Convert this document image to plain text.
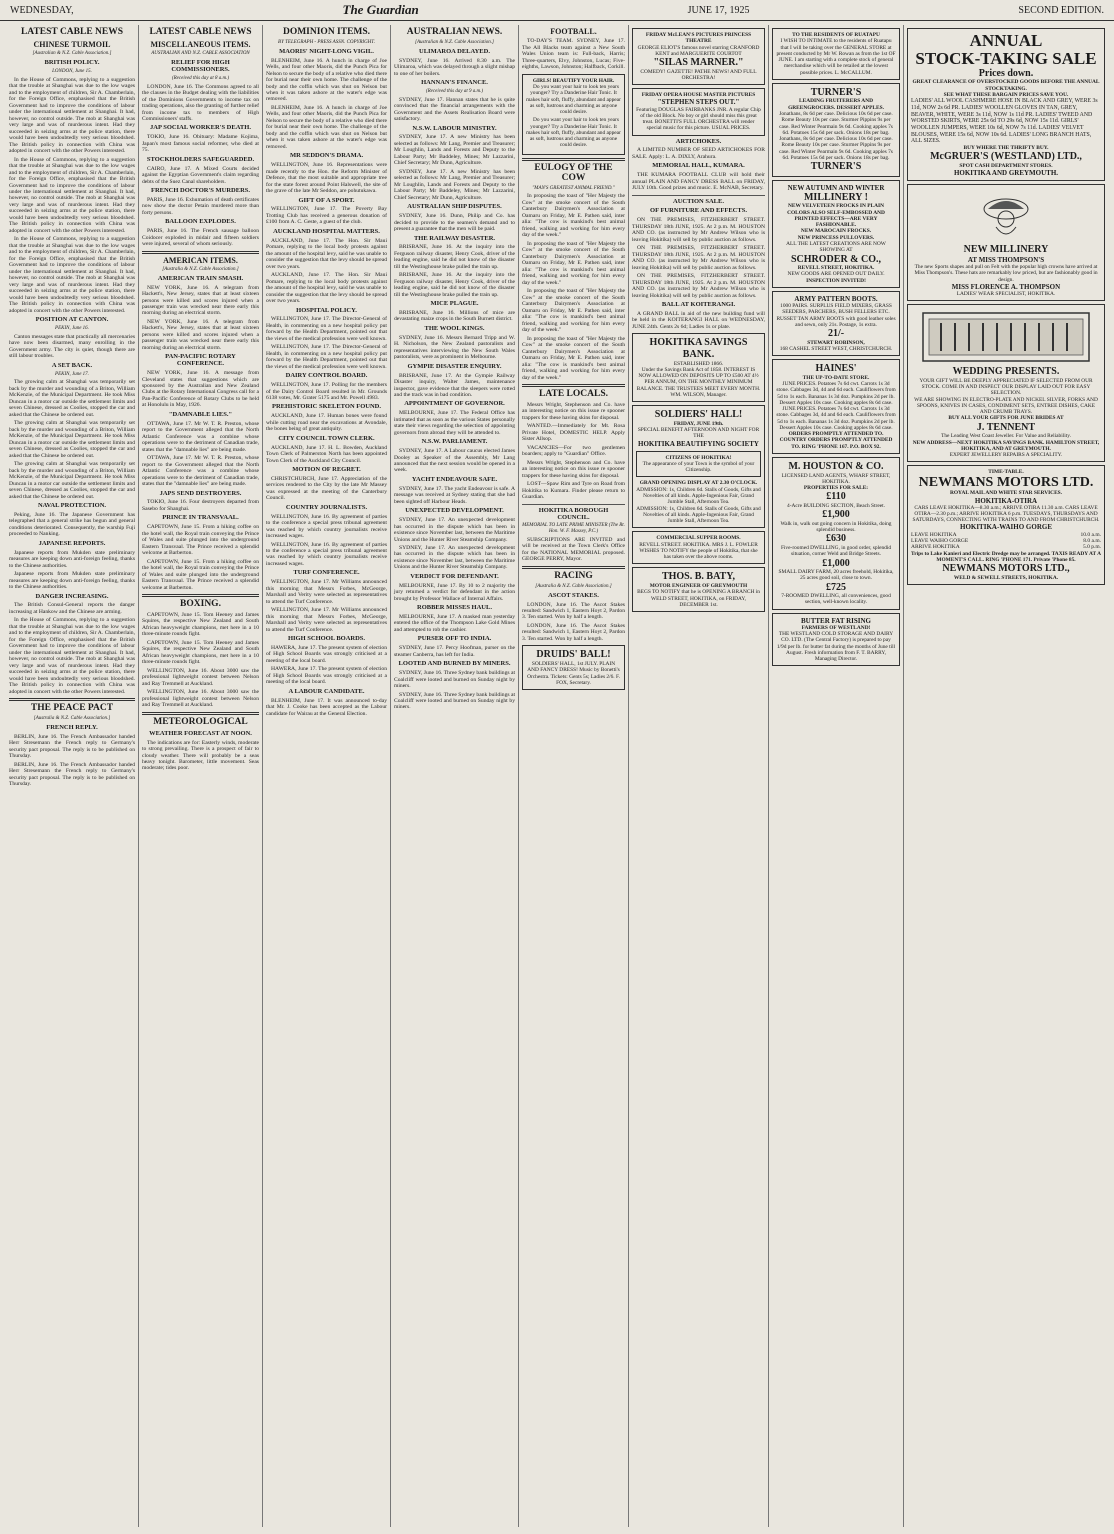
WEDNESDAY,	The Guardian	JUNE 17, 1925	SECOND EDITION.
LATEST CABLE NEWS
CHINESE TURMOIL
[Australian & N.Z. Cable Association.]
BRITISH POLICY.
LONDON, June 15.

In the House of Commons, replying to a suggestion that the trouble at Shanghai was due to the low wages and to the employment of children, Sir A. Chamberlain, for the Foreign Office, emphasised that the British Government had to improve the conditions of labour under the international settlement at Shanghai. It had, however, no control outside. The mob at Shanghai was very large and was of murderous intent. Had they succeeded in seizing arms at the police station, there would have been undoubtedly very serious bloodshed. The British policy in connection with China was adopted in concert with the other Powers interested.

In the House of Commons, replying to a suggestion that the trouble at Shanghai was due to the low wages and to the employment of children, Sir A. Chamberlain, for the Foreign Office, emphasised that the British Government had to improve the conditions of labour under the international settlement at Shanghai. It had, however, no control outside. The mob at Shanghai was very large and was of murderous intent. Had they succeeded in seizing arms at the police station, there would have been undoubtedly very serious bloodshed. The British policy in connection with China was adopted in concert with the other Powers interested.

In the House of Commons, replying to a suggestion that the trouble at Shanghai was due to the low wages and to the employment of children, Sir A. Chamberlain, for the Foreign Office, emphasised that the British Government had to improve the conditions of labour under the international settlement at Shanghai. It had, however, no control outside. The mob at Shanghai was very large and was of murderous intent. Had they succeeded in seizing arms at the police station, there would have been undoubtedly very serious bloodshed. The British policy in connection with China was adopted in concert with the other Powers interested.

POSITION AT CANTON.
PEKIN, June 16.

Canton messages state that practically all mercenaries have now been disarmed, many enrolling in the Government army. The city is quiet, though there are still labour troubles.

A SET BACK.
PEKIN, June 17.

The growing calm at Shanghai was temporarily set back by the murder and wounding of a Briton, William McKenzie, of the Municipal Department. He took Miss Duncan in a motor car outside the settlement limits and seven Chinese, dressed as Coolies, stopped the car and asked that the Chinese be ordered out.

The growing calm at Shanghai was temporarily set back by the murder and wounding of a Briton, William McKenzie, of the Municipal Department. He took Miss Duncan in a motor car outside the settlement limits and seven Chinese, dressed as Coolies, stopped the car and asked that the Chinese be ordered out.

The growing calm at Shanghai was temporarily set back by the murder and wounding of a Briton, William McKenzie, of the Municipal Department. He took Miss Duncan in a motor car outside the settlement limits and seven Chinese, dressed as Coolies, stopped the car and asked that the Chinese be ordered out.

NAVAL PROTECTION.

Peking, June 16. The Japanese Government has telegraphed that a general strike has begun and general conditions deteriorated. Consequently, the warship Fuji proceeded to Nanking.

JAPANESE REPORTS.

Japanese reports from Mukden state preliminary measures are keeping down anti-foreign feeling, thanks to the Chinese authorities.

Japanese reports from Mukden state preliminary measures are keeping down anti-foreign feeling, thanks to the Chinese authorities.

DANGER INCREASING.

The British Consul-General reports the danger increasing at Hankow and the Chinese are arming.

In the House of Commons, replying to a suggestion that the trouble at Shanghai was due to the low wages and to the employment of children, Sir A. Chamberlain, for the Foreign Office, emphasised that the British Government had to improve the conditions of labour under the international settlement at Shanghai. It had, however, no control outside. The mob at Shanghai was very large and was of murderous intent. Had they succeeded in seizing arms at the police station, there would have been undoubtedly very serious bloodshed. The British policy in connection with China was adopted in concert with the other Powers interested.

THE PEACE PACT
[Australia & N.Z. Cable Association.]
FRENCH REPLY.

BERLIN, June 16. The French Ambassador handed Herr Stresemann the French reply to Germany's security pact proposal. The reply is to be published on Thursday.

BERLIN, June 16. The French Ambassador handed Herr Stresemann the French reply to Germany's security pact proposal. The reply is to be published on Thursday.

LATEST CABLE NEWS
MISCELLANEOUS ITEMS.
AUSTRALIAN AND N.Z. CABLE ASSOCIATION
RELIEF FOR HIGH COMMISSIONERS.
(Received this day at 8 a.m.)

LONDON, June 16. The Commons agreed to all the clauses in the Budget dealing with the liabilities of the Dominions Governments to income tax on trading operations, also the granting of further relief from income tax to members of High Commissioners' staffs.

JAP SOCIAL WORKER'S DEATH.

TOKIO, June 16. Obituary: Madame Kojima, Japan's most famous social reformer, who died at 75.

STOCKHOLDERS SAFEGUARDED.

CAIRO, June 17. A Mixed Courts decided against the Egyptian Government's claim regarding debts of the Suez Canal shareholders.

FRENCH DOCTOR'S MURDERS.

PARIS, June 16. Exhumation of death certificates now show the doctor Petain murdered more than forty persons.

BALLOON EXPLODES.

PARIS, June 16. The French sausage balloon Coidocer exploded in midair and fifteen soldiers were injured, several of whom seriously.

AMERICAN ITEMS.
[Australia & N.Z. Cable Association.]
AMERICAN TRAIN SMASH.

NEW YORK, June 16. A telegram from Hackett's, New Jersey, states that at least sixteen persons were killed and scores injured when a passenger train was wrecked near there early this morning during an electrical storm.

NEW YORK, June 16. A telegram from Hackett's, New Jersey, states that at least sixteen persons were killed and scores injured when a passenger train was wrecked near there early this morning during an electrical storm.

PAN-PACIFIC ROTARY CONFERENCE.

NEW YORK, June 16. A message from Cleveland states that suggestions which are sponsored by the Australian and New Zealand Clubs at the Rotary International Congress call for a Pan-Pacific Conference of Rotary Clubs to be held at Honolulu in May, 1926.

"DAMNABLE LIES."

OTTAWA, June 17. Mr W. T. R. Preston, whose report to the Government alleged that the North Atlantic Conference was a combine whose operations were to the detriment of Canadian trade, states that the "damnable lies" are being made.

OTTAWA, June 17. Mr W. T. R. Preston, whose report to the Government alleged that the North Atlantic Conference was a combine whose operations were to the detriment of Canadian trade, states that the "damnable lies" are being made.

JAPS SEND DESTROYERS.

TOKIO, June 16. Four destroyers departed from Sasebo for Shanghai.

PRINCE IN TRANSVAAL.

CAPETOWN, June 15. From a hiking coffee on the hotel wall, the Royal train conveying the Prince of Wales and suite plunged into the underground Eastern Transvaal. The Prince received a splendid welcome at Barberton.

CAPETOWN, June 15. From a hiking coffee on the hotel wall, the Royal train conveying the Prince of Wales and suite plunged into the underground Eastern Transvaal. The Prince received a splendid welcome at Barberton.

BOXING.

CAPETOWN, June 15. Tom Heeney and James Squires, the respective New Zealand and South African heavyweight champions, met here in a 10 three-minute rounds fight.

CAPETOWN, June 15. Tom Heeney and James Squires, the respective New Zealand and South African heavyweight champions, met here in a 10 three-minute rounds fight.

WELLINGTON, June 16. About 3000 saw the professional lightweight contest between Nelson and Ray Tremmell at Auckland.

WELLINGTON, June 16. About 3000 saw the professional lightweight contest between Nelson and Ray Tremmell at Auckland.

METEOROLOGICAL
WEATHER FORECAST AT NOON.

The indications are for: Easterly winds, moderate to strong prevailing. There is a prospect of fair to cloudy weather. There will probably be a seas heavy tonight. Barometer, little movement. Seas moderate; tides poor.

DOMINION ITEMS.
BY TELEGRAPH - PRESS ASSN. COPYRIGHT.
MAORIS' NIGHT-LONG VIGIL.

BLENHEIM, June 16. A hunch in charge of Joe Wells, and four other Maoris, did the Punch Pica for Nelson to secure the body of a relative who died there for burial near their own home. The challenge of the body and the coffin which was shut on Nelson but when it was taken ashore at the water's edge was removed.

BLENHEIM, June 16. A hunch in charge of Joe Wells, and four other Maoris, did the Punch Pica for Nelson to secure the body of a relative who died there for burial near their own home. The challenge of the body and the coffin which was shut on Nelson but when it was taken ashore at the water's edge was removed.

MR SEDDON'S DRAMA.

WELLINGTON, June 16. Representations were made recently to the Hon. the Reform Minister of Defence, that the most suitable and appropriate tree for the state forest around Point Halswell, the site of the grave of the late Mr Seddon, are pohutukawa.

GIFT OF A SPORT.

WELLINGTON, June 17. The Poverty Bay Trotting Club has received a generous donation of £100 from A. C. Geste, a guest of the club.

AUCKLAND HOSPITAL MATTERS.

AUCKLAND, June 17. The Hon. Sir Maui Pomare, replying to the local body protests against the amount of the hospital levy, said he was unable to consider the suggestion that the levy should be spread over two years.

AUCKLAND, June 17. The Hon. Sir Maui Pomare, replying to the local body protests against the amount of the hospital levy, said he was unable to consider the suggestion that the levy should be spread over two years.

HOSPITAL POLICY.

WELLINGTON, June 17. The Director-General of Health, in commenting on a new hospital policy put forward by the Health Department, pointed out that the views of the medical profession were well known.

WELLINGTON, June 17. The Director-General of Health, in commenting on a new hospital policy put forward by the Health Department, pointed out that the views of the medical profession were well known.

DAIRY CONTROL BOARD.

WELLINGTON, June 17. Polling for the members of the Dairy Control Board resulted in Mr. Grounds 6138 votes, Mr. Grater 5175 and Mr. Powell 4983.

PREHISTORIC SKELETON FOUND.

AUCKLAND, June 17. Human bones were found while cutting road near the excavations at Avondale, the bones being of great antiquity.

CITY COUNCIL TOWN CLERK.

AUCKLAND, June 17. H. L. Bowden, Auckland Town Clerk of Palmerston North has been appointed Town Clerk of the Auckland City Council.

MOTION OF REGRET.

CHRISTCHURCH, June 17. Appreciation of the services rendered to the City by the late Mr Massey was expressed at the meeting of the Canterbury Council.

COUNTRY JOURNALISTS.

WELLINGTON, June 16. By agreement of parties to the conference a special press tribunal agreement was reached by which country journalists receive increased wages.

WELLINGTON, June 16. By agreement of parties to the conference a special press tribunal agreement was reached by which country journalists receive increased wages.

TURF CONFERENCE.

WELLINGTON, June 17. Mr Williams announced this morning that Messrs Forbes, McGeorge, Marshall and Verity were selected as representatives to attend the Turf Conference.

WELLINGTON, June 17. Mr Williams announced this morning that Messrs Forbes, McGeorge, Marshall and Verity were selected as representatives to attend the Turf Conference.

HIGH SCHOOL BOARDS.

HAWERA, June 17. The present system of election of High School Boards was strongly criticised at a meeting of the local board.

HAWERA, June 17. The present system of election of High School Boards was strongly criticised at a meeting of the local board.

A LABOUR CANDIDATE.

BLENHEIM, June 17. It was announced to-day that Mr. J. Cooke has been accepted as the Labour candidate for Wairau at the General Election.

AUSTRALIAN NEWS.
[Australian & N.Z. Cable Association.]
ULIMAROA DELAYED.

SYDNEY, June 16. Arrived 8.30 a.m. The Ulimaroa, which was delayed through a slight mishap to one of her boilers.

HANNAN'S FINANCE.
(Received this day at 9 a.m.)

SYDNEY, June 17. Hannan states that he is quite convinced that the financial arrangements with the Government and the Assets Realisation Board were satisfactory.

N.S.W. LABOUR MINISTRY.

SYDNEY, June 17. A new Ministry has been selected as follows: Mr Lang, Premier and Treasurer; Mr Loughlin, Lands and Forests and Deputy to the Labour Party; Mr Baddeley, Mines; Mr Lazzarini, Chief Secretary; Mr Dunn, Agriculture.

SYDNEY, June 17. A new Ministry has been selected as follows: Mr Lang, Premier and Treasurer; Mr Loughlin, Lands and Forests and Deputy to the Labour Party; Mr Baddeley, Mines; Mr Lazzarini, Chief Secretary; Mr Dunn, Agriculture.

AUSTRALIAN SHIP DISPUTES.

SYDNEY, June 16. Dunn, Philip and Co. has decided to provide to the seamen's demand and to present a guarantee that the men will be paid.

THE RAILWAY DISASTER.

BRISBANE, June 16. At the inquiry into the Ferguson railway disaster, Henry Cook, driver of the leading engine, said he did not know of the disaster till the Westinghouse brake pulled the train up.

BRISBANE, June 16. At the inquiry into the Ferguson railway disaster, Henry Cook, driver of the leading engine, said he did not know of the disaster till the Westinghouse brake pulled the train up.

MICE PLAGUE.

BRISBANE, June 16. Millions of mice are devastating maize crops in the South Burnett district.

THE WOOL KINGS.

SYDNEY, June 16. Messrs Bernard Tripp and W. H. Nicholson, the New Zealand pastoralists and representatives interviewing the New South Wales pastoralists, were as prominent in Melbourne.

GYMPIE DISASTER ENQUIRY.

BRISBANE, June 17. At the Gympie Railway Disaster inquiry, Walter James, maintenance inspector, gave evidence that the sleepers were rotted and the track was in bad condition.

APPOINTMENT OF GOVERNOR.

MELBOURNE, June 17. The Federal Office has intimated that as soon as the various States personally state their views regarding the selection of appointing governors from abroad they will be attended to.

N.S.W. PARLIAMENT.

SYDNEY, June 17. A Labour caucus elected James Dooley as Speaker of the Assembly, Mr Lang announced that the next session would be opened in a week.

YACHT ENDEAVOUR SAFE.

SYDNEY, June 17. The yacht Endeavour is safe. A message was received at Sydney stating that she had been sighted off Harbour Heads.

UNEXPECTED DEVELOPMENT.

SYDNEY, June 17. An unexpected development has occurred in the dispute which has been in existence since November last, between the Maritime Unions and the Hunter River Steamship Company.

SYDNEY, June 17. An unexpected development has occurred in the dispute which has been in existence since November last, between the Maritime Unions and the Hunter River Steamship Company.

VERDICT FOR DEFENDANT.

MELBOURNE, June 17. By 10 to 2 majority the jury returned a verdict for defendant in the action brought by Professor Wallace of Internal Affairs.

ROBBER MISSES HAUL.

MELBOURNE, June 17. A masked man yesterday entered the office of the Thompson Lake Gold Mines and attempted to rob the cashier.

PURSER OFF TO INDIA.

SYDNEY, June 17. Percy Hoofman, purser on the steamer Canberra, has left for India.

LOOTED AND BURNED BY MINERS.

SYDNEY, June 16. Three Sydney bank buildings at Coalcliff were looted and burned on Sunday night by miners.

SYDNEY, June 16. Three Sydney bank buildings at Coalcliff were looted and burned on Sunday night by miners.

FOOTBALL.

TO-DAY'S TEAM. SYDNEY, June 17. The All Blacks team against a New South Wales Union team is: Full-back, Harris; Three-quarters, Elvy, Johnston, Lucas; Five-eighths, Lawson, Johnston; Halfback, Corkill.

GIRLS! BEAUTIFY YOUR HAIR.

Do you want your hair to look ten years younger? Try a Danderine Hair Tonic. It makes hair soft, fluffy, abundant and appear as soft, lustrous and charming as anyone could desire.

Do you want your hair to look ten years younger? Try a Danderine Hair Tonic. It makes hair soft, fluffy, abundant and appear as soft, lustrous and charming as anyone could desire.

EULOGY OF THE COW
"MAN'S GREATEST ANIMAL FRIEND."

In proposing the toast of "Her Majesty the Cow" at the smoke concert of the South Canterbury Dairymen's Association at Oamaru on Friday, Mr E. Pathen said, inter alia: "The cow is mankind's best animal friend, walking and working for him every day of the week."

In proposing the toast of "Her Majesty the Cow" at the smoke concert of the South Canterbury Dairymen's Association at Oamaru on Friday, Mr E. Pathen said, inter alia: "The cow is mankind's best animal friend, walking and working for him every day of the week."

In proposing the toast of "Her Majesty the Cow" at the smoke concert of the South Canterbury Dairymen's Association at Oamaru on Friday, Mr E. Pathen said, inter alia: "The cow is mankind's best animal friend, walking and working for him every day of the week."

In proposing the toast of "Her Majesty the Cow" at the smoke concert of the South Canterbury Dairymen's Association at Oamaru on Friday, Mr E. Pathen said, inter alia: "The cow is mankind's best animal friend, walking and working for him every day of the week."

LATE LOCALS.

Messrs Wright, Stephenson and Co. have an interesting notice on this issue re spooner trappers for these having skins for disposal.

WANTED.—Immediately for Mt. Rosa Private Hotel, DOMESTIC HELP. Apply Sister Allsop.

VACANCIES—For two gentlemen boarders; apply to "Guardian" Office.

Messrs Wright, Stephenson and Co. have an interesting notice on this issue re spooner trappers for these having skins for disposal.

LOST—Spaw Rim and Tyre on Road from Hokitika to Kumara. Finder please return to Guardian.

HOKITIKA BOROUGH COUNCIL.
MEMORIAL TO LATE PRIME MINISTER (The Rt. Hon. W. F. Massey, P.C.)

SUBSCRIPTIONS ARE INVITED and will be received at the Town Clerk's Office for the NATIONAL MEMORIAL proposed. GEORGE PERRY, Mayor.

RACING
[Australia & N.Z. Cable Association.]
ASCOT STAKES.

LONDON, June 16. The Ascot Stakes resulted: Sandwich 1, Eastern Hoyt 2, Pardon 3. Ten started. Won by half a length.

LONDON, June 16. The Ascot Stakes resulted: Sandwich 1, Eastern Hoyt 2, Pardon 3. Ten started. Won by half a length.

DRUIDS' BALL!
SOLDIERS' HALL, 1st JULY. PLAIN AND FANCY DRESS! Music by Bonetti's Orchestra. Tickets: Gents 5s; Ladies 2/6. F. FOX, Secretary.
FRIDAY McLEAN'S PICTURES PRINCESS THEATRE
GEORGE ELIOT'S famous novel starring CRANFORD KENT and MARGUERITE COURTOT
"SILAS MARNER."
COMEDY! GAZETTE! PATHE NEWS! AND FULL ORCHESTRA!
FRIDAY OPERA HOUSE MASTER PICTURES
"STEPHEN STEPS OUT."
Featuring DOUGLAS FAIRBANKS JNR. A regular Chip of the old Block. No boy or girl should miss this great treat. BONETTI'S FULL ORCHESTRA will render special music for this picture. USUAL PRICES.
ARTICHOKES.

A LIMITED NUMBER OF SEED ARTICHOKES FOR SALE. Apply: L. A. DIXLY, Arahura.

MEMORIAL HALL, KUMARA.

THE KUMARA FOOTBALL CLUB will hold their annual PLAIN AND FANCY DRESS BALL on FRIDAY, JULY 10th. Good prizes and music. E. McNAB, Secretary.

AUCTION SALE.
OF FURNITURE AND EFFECTS.

ON THE PREMISES, FITZHERBERT STREET. THURSDAY 18th JUNE, 1925. At 2 p.m. M. HOUSTON AND CO. (as instructed by Mr Andrew Wilson who is leaving Hokitika) will sell by public auction as follows.

ON THE PREMISES, FITZHERBERT STREET. THURSDAY 18th JUNE, 1925. At 2 p.m. M. HOUSTON AND CO. (as instructed by Mr Andrew Wilson who is leaving Hokitika) will sell by public auction as follows.

ON THE PREMISES, FITZHERBERT STREET. THURSDAY 18th JUNE, 1925. At 2 p.m. M. HOUSTON AND CO. (as instructed by Mr Andrew Wilson who is leaving Hokitika) will sell by public auction as follows.

BALL AT KOITERANGI.

A GRAND BALL in aid of the new building fund will be held in the KOITERANGI HALL on WEDNESDAY, JUNE 24th. Gents 2s 6d; Ladies 1s or plate.

HOKITIKA SAVINGS BANK.
ESTABLISHED 1866.
Under the Savings Bank Act of 1858. INTEREST IS NOW ALLOWED ON DEPOSITS UP TO £500 AT 4½ PER ANNUM, ON THE MONTHLY MINIMUM BALANCE. THE TRUSTEES MEET EVERY MONTH. WM. WILSON, Manager.
SOLDIERS' HALL!
FRIDAY, JUNE 19th.
SPECIAL BENEFIT AFTERNOON AND NIGHT FOR THE
HOKITIKA BEAUTIFYING SOCIETY
CITIZENS OF HOKITIKA!
The appearance of your Town is the symbol of your Citizenship.
GRAND OPENING DISPLAY AT 2.30 O'CLOCK.
ADMISSION: 1s, Children 6d. Stalls of Goods, Gifts and Novelties of all kinds. Apple-Ingenious Fair, Grand Jumble Stall, Afternoon Tea.
ADMISSION: 1s, Children 6d. Stalls of Goods, Gifts and Novelties of all kinds. Apple-Ingenious Fair, Grand Jumble Stall, Afternoon Tea.
COMMERCIAL SUPPER ROOMS.
REVELL STREET. HOKITIKA. MRS J. L. FOWLER WISHES TO NOTIFY the people of Hokitika, that she has taken over the above rooms.
THOS. B. BATY,
MOTOR ENGINEER OF GREYMOUTH
BEGS TO NOTIFY that he is OPENING A BRANCH in WELD STREET, HOKITIKA, on FRIDAY, DECEMBER 1st.
TO THE RESIDENTS OF RUATAPU
I WISH TO INTIMATE to the residents of Ruatapu that I will be taking over the GENERAL STORE at present conducted by Mr W. Rowan as from the 1st OF JUNE. I am starting with a complete stock of general merchandise which will be retailed at the lowest possible prices. L. McCALLUM.
TURNER'S
LEADING FRUITERERS AND GREENGROCERS. DESSERT APPLES.
Jonathans, 8s 6d per case. Delicious 10s 6d per case. Rome Beauty 10s per case. Sturmer Pippins 9s per case. Red Winter Pearmain 9s 6d. Cooking apples 7s 6d. Potatoes 15s 6d per sack. Onions 18s per bag.
Jonathans, 8s 6d per case. Delicious 10s 6d per case. Rome Beauty 10s per case. Sturmer Pippins 9s per case. Red Winter Pearmain 9s 6d. Cooking apples 7s 6d. Potatoes 15s 6d per sack. Onions 18s per bag.
TURNER'S
NEW AUTUMN AND WINTER
MILLINERY !
NEW VELVETEEN FROCKS IN PLAIN COLORS ALSO SELF-EMBOSSED AND PRINTED EFFECTS—ARE VERY FASHIONABLE.
NEW MAROCAIN FROCKS.
NEW PRINCESS PULLOVERS.
ALL THE LATEST CREATIONS ARE NOW SHOWING AT
SCHRODER & CO.,
REVELL STREET, HOKITIKA.
NEW GOODS ARE OPENED OUT DAILY.
INSPECTION INVITED!
ARMY PATTERN BOOTS.
1000 PAIRS. SURPLUS FIELD MIXERS, GRASS SEEDERS, PARCHERS, BUSH FELLERS ETC. RUSSET TAN ARMY BOOTS with good leather soles and sewn, only 21s. Postage, 1s extra.
21/-
STEWART ROBINSON,
168 CASHEL STREET WEST, CHRISTCHURCH.
HAINES'
THE UP-TO-DATE STORE.
JUNE PRICES. Potatoes 7s 6d cwt. Carrots 1s 3d stone. Cabbages 3d, 4d and 6d each. Cauliflowers from 5d to 1s each. Bananas 1s 3d doz. Pumpkins 2d per lb. Dessert Apples 10s case. Cooking apples 8s 6d case.
JUNE PRICES. Potatoes 7s 6d cwt. Carrots 1s 3d stone. Cabbages 3d, 4d and 6d each. Cauliflowers from 5d to 1s each. Bananas 1s 3d doz. Pumpkins 2d per lb. Dessert Apples 10s case. Cooking apples 8s 6d case.
ORDERS PROMPTLY ATTENDED TO. COUNTRY ORDERS PROMPTLY ATTENDED TO. RING 'PHONE 167. P.O. BOX 92.
M. HOUSTON & CO.
LICENSED LAND AGENTS, WHARF STREET, HOKITIKA.
PROPERTIES FOR SALE:
£110
4-Acre BUILDING SECTION, Beach Street.
£1,900
Walk in, walk out going concern in Hokitika, doing splendid business.
£630
Five-roomed DWELLING, in good order, splendid situation, corner Weld and Bridge Streets.
£1,000
SMALL DAIRY FARM, 20 acres freehold, Hokitika, 25 acres good soil, close to town.
£725
7-ROOMED DWELLING, all conveniences, good section, well-known locality.
BUTTER FAT RISING
FARMERS OF WESTLAND!
THE WESTLAND COLD STORAGE AND DAIRY CO. LTD. (The Central Factory) is prepared to pay 1/9d per lb. for butter fat during the months of June till August. Fresh information from F. T. BARRY, Managing Director.
ANNUAL
STOCK-TAKING SALE
Prices down.
GREAT CLEARANCE OF OVERSTOCKED GOODS BEFORE THE ANNUAL STOCKTAKING.
SEE WHAT THESE BARGAIN PRICES SAVE YOU.
LADIES' ALL WOOL CASHMERE HOSE IN BLACK AND GREY, WERE 3s 11d, NOW 2s 6d PR. LADIES' WOOLLEN GLOVES IN TAN, GREY, BEAVER, WHITE, WERE 3s 11d, NOW 1s 11d PR. LADIES' TWEED AND WORSTED SKIRTS, WERE 25s 6d TO 29s 6d, NOW 15s 11d. GIRLS' WOOLLEN JUMPERS, WERE 10s 6d, NOW 7s 11d. LADIES' VELVET BLOUSES, WERE 15s 6d, NOW 10s 6d. LADIES' LONG BRANCH HATS, ALL SIZES.
BUY WHERE THE THRIFTY BUY.
McGRUER'S (WESTLAND) LTD.,
SPOT CASH DEPARTMENT STORES.
HOKITIKA AND GREYMOUTH.
NEW MILLINERY
AT MISS THOMPSON'S
The new Sports shapes and pull on Felt with the popular high crowns have arrived at Miss Thompson's. These hats are remarkably low priced, but are fashionably good in design.
MISS FLORENCE A. THOMPSON
LADIES' WEAR SPECIALIST, HOKITIKA.
WEDDING PRESENTS.
YOUR GIFT WILL BE DEEPLY APPRECIATED IF SELECTED FROM OUR STOCK. COME IN AND INSPECT OUR DISPLAY LAID OUT FOR EASY SELECTION.
WE ARE SHOWING IN ELECTRO-PLATE AND NICKEL SILVER, FORKS AND SPOONS, KNIVES IN CASES, CONDIMENT SETS, ENTREE DISHES, CAKE AND CRUMB TRAYS.
BUY ALL YOUR GIFTS FOR JUNE BRIDES AT
J. TENNENT
The Leading West Coast Jeweller. For Value and Reliability.
NEW ADDRESS—NEXT HOKITIKA SAVINGS BANK. HAMILTON STREET, HOKITIKA, AND AT GREYMOUTH.
EXPERT JEWELLERY REPAIRS A SPECIALITY.
TIME-TABLE.
NEWMANS MOTORS LTD.
ROYAL MAIL AND WHITE STAR SERVICES.
HOKITIKA-OTIRA
CARS LEAVE HOKITIKA—8.30 a.m.; ARRIVE OTIRA 11.30 a.m. CARS LEAVE OTIRA—2.30 p.m.; ARRIVE HOKITIKA 6 p.m. TUESDAYS, THURSDAYS AND SATURDAYS, CONNECTING WITH TRAINS TO AND FROM CHRISTCHURCH.
HOKITIKA-WAIHO GORGE
LEAVE HOKITIKA	10.0 a.m.
LEAVE WAIHO GORGE	8.0 a.m.
ARRIVE HOKITIKA	5.0 p.m.
Trips to Lake Kanieri and Electric Dredge may be arranged. TAXIS READY AT A MOMENT'S CALL. RING 'PHONE 171. Private 'Phone 85.
NEWMANS MOTORS LTD.,
WELD & SEWELL STREETS, HOKITIKA.
